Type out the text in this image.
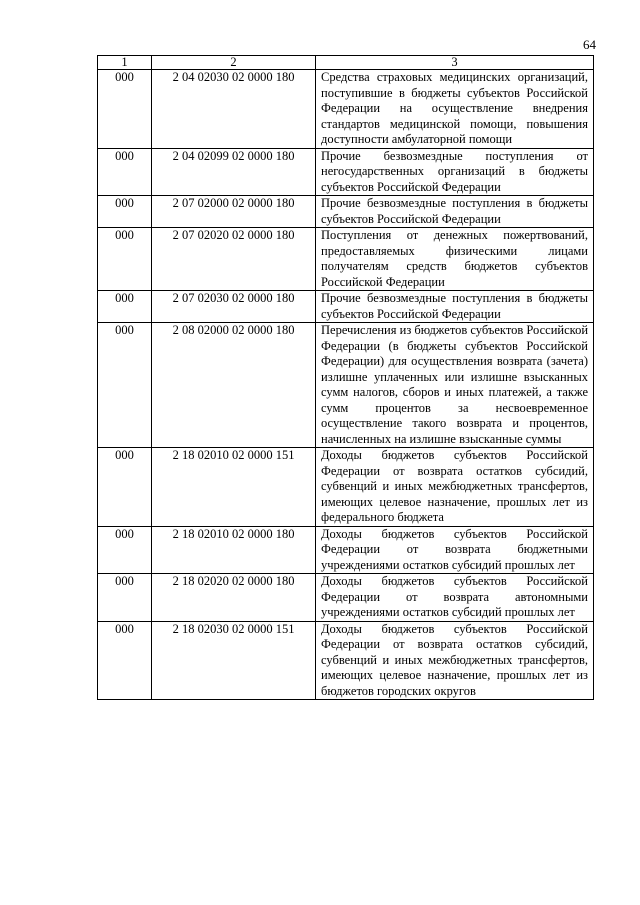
64
1	2	3
000	2 04 02030 02 0000 180	Средства страховых медицинских организаций, поступившие в бюджеты субъектов Российской Федерации на осуществление внедрения стандартов медицинской помощи, повышения доступности амбулаторной помощи
000	2 04 02099 02 0000 180	Прочие безвозмездные поступления от негосударственных организаций в бюджеты субъектов Российской Федерации
000	2 07 02000 02 0000 180	Прочие безвозмездные поступления в бюджеты субъектов Российской Федерации
000	2 07 02020 02 0000 180	Поступления от денежных пожертвований, предоставляемых физическими лицами получателям средств бюджетов субъектов Российской Федерации
000	2 07 02030 02 0000 180	Прочие безвозмездные поступления в бюджеты субъектов Российской Федерации
000	2 08 02000 02 0000 180	Перечисления из бюджетов субъектов Российской Федерации (в бюджеты субъектов Российской Федерации) для осуществления возврата (зачета) излишне уплаченных или излишне взысканных сумм налогов, сборов и иных платежей, а также сумм процентов за несвоевременное осуществление такого возврата и процентов, начисленных на излишне взысканные суммы
000	2 18 02010 02 0000 151	Доходы бюджетов субъектов Российской Федерации от возврата остатков субсидий, субвенций и иных межбюджетных трансфертов, имеющих целевое назначение, прошлых лет из федерального бюджета
000	2 18 02010 02 0000 180	Доходы бюджетов субъектов Российской Федерации от возврата бюджетными учреждениями остатков субсидий прошлых лет
000	2 18 02020 02 0000 180	Доходы бюджетов субъектов Российской Федерации от возврата автономными учреждениями остатков субсидий прошлых лет
000	2 18 02030 02 0000 151	Доходы бюджетов субъектов Российской Федерации от возврата остатков субсидий, субвенций и иных межбюджетных трансфертов, имеющих целевое назначение, прошлых лет из бюджетов городских округов
